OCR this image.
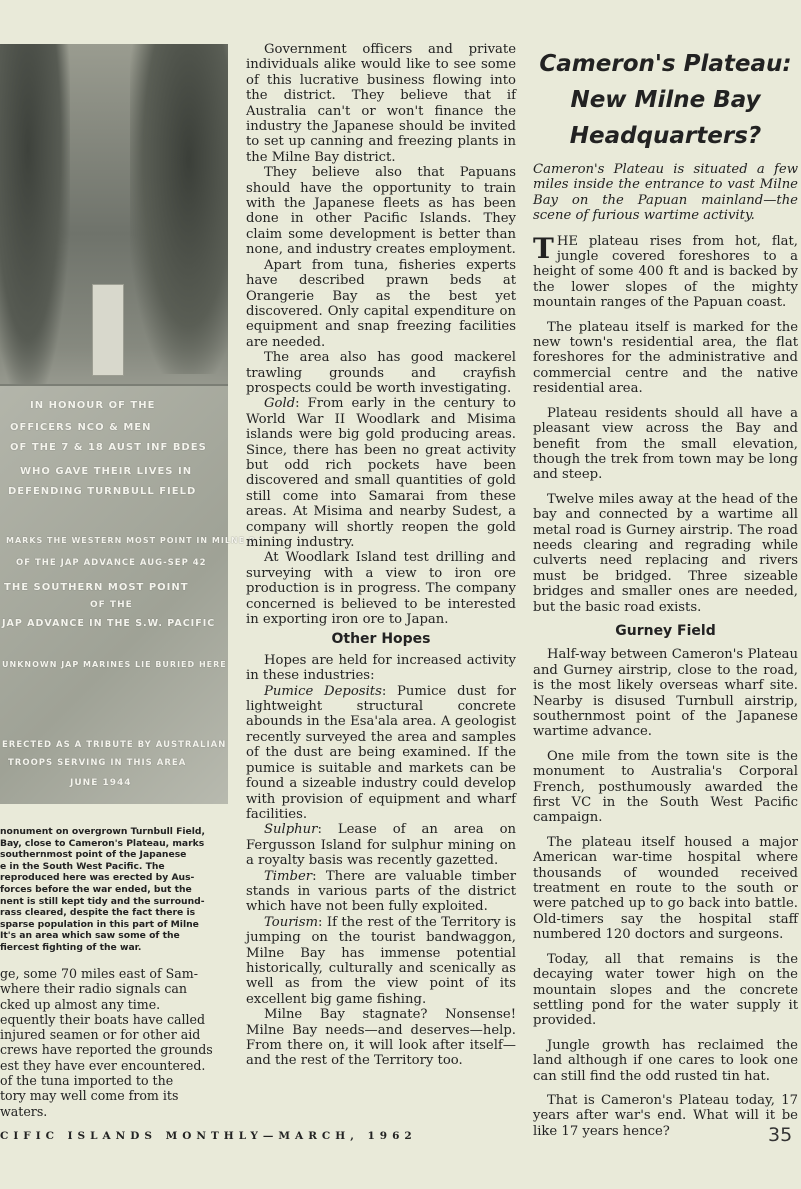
IN HONOUR OF THE
OFFICERS NCO & MEN
OF THE 7 & 18 AUST INF BDES
WHO GAVE THEIR LIVES IN
DEFENDING TURNBULL FIELD
MARKS THE WESTERN MOST POINT IN MILNE B
OF THE JAP ADVANCE AUG-SEP 42
THE SOUTHERN MOST POINT
OF THE
JAP ADVANCE IN THE S.W. PACIFIC
UNKNOWN JAP MARINES LIE BURIED HERE
ERECTED AS A TRIBUTE BY AUSTRALIAN
TROOPS SERVING IN THIS AREA
JUNE 1944
nonument on overgrown Turnbull Field,
Bay, close to Cameron's Plateau, marks
southernmost point of the Japanese
e in the South West Pacific. The
reproduced here was erected by Aus-
forces before the war ended, but the
nent is still kept tidy and the surround-
rass cleared, despite the fact there is
sparse population in this part of Milne
It's an area which saw some of the
fiercest fighting of the war.
ge, some 70 miles east of Sam-
where their radio signals can
cked up almost any time.
equently their boats have called
injured seamen or for other aid
crews have reported the grounds
est they have ever encountered.
of the tuna imported to the
tory may well come from its
waters.

Government officers and private individuals alike would like to see some of this lucrative business flowing into the district. They believe that if Australia can't or won't finance the industry the Japanese should be invited to set up canning and freezing plants in the Milne Bay district.

They believe also that Papuans should have the opportunity to train with the Japanese fleets as has been done in other Pacific Islands. They claim some development is better than none, and industry creates employment.

Apart from tuna, fisheries experts have described prawn beds at Orangerie Bay as the best yet discovered. Only capital expenditure on equipment and snap freezing facilities are needed.

The area also has good mackerel trawling grounds and crayfish prospects could be worth investigating.

Gold: From early in the century to World War II Woodlark and Misima islands were big gold producing areas. Since, there has been no great activity but odd rich pockets have been discovered and small quantities of gold still come into Samarai from these areas. At Misima and nearby Sudest, a company will shortly reopen the gold mining industry.

At Woodlark Island test drilling and surveying with a view to iron ore production is in progress. The company concerned is believed to be interested in exporting iron ore to Japan.

Other Hopes

Hopes are held for increased activity in these industries:

Pumice Deposits: Pumice dust for lightweight structural concrete abounds in the Esa'ala area. A geologist recently surveyed the area and samples of the dust are being examined. If the pumice is suitable and markets can be found a sizeable industry could develop with provision of equipment and wharf facilities.

Sulphur: Lease of an area on Fergusson Island for sulphur mining on a royalty basis was recently gazetted.

Timber: There are valuable timber stands in various parts of the district which have not been fully exploited.

Tourism: If the rest of the Territory is jumping on the tourist bandwaggon, Milne Bay has immense potential historically, culturally and scenically as well as from the view point of its excellent big game fishing.

Milne Bay stagnate? Nonsense! Milne Bay needs—and deserves—help. From there on, it will look after itself—and the rest of the Territory too.

Cameron's Plateau:
New Milne Bay
Headquarters?
Cameron's Plateau is situated a few miles inside the entrance to vast Milne Bay on the Papuan mainland—the scene of furious wartime activity.

THE plateau rises from hot, flat, jungle covered foreshores to a height of some 400 ft and is backed by the lower slopes of the mighty mountain ranges of the Papuan coast.

The plateau itself is marked for the new town's residential area, the flat foreshores for the administrative and commercial centre and the native residential area.

Plateau residents should all have a pleasant view across the Bay and benefit from the small elevation, though the trek from town may be long and steep.

Twelve miles away at the head of the bay and connected by a wartime all metal road is Gurney airstrip. The road needs clearing and regrading while culverts need replacing and rivers must be bridged. Three sizeable bridges and smaller ones are needed, but the basic road exists.

Gurney Field

Half-way between Cameron's Plateau and Gurney airstrip, close to the road, is the most likely overseas wharf site. Nearby is disused Turnbull airstrip, southernmost point of the Japanese wartime advance.

One mile from the town site is the monument to Australia's Corporal French, posthumously awarded the first VC in the South West Pacific campaign.

The plateau itself housed a major American war-time hospital where thousands of wounded received treatment en route to the south or were patched up to go back into battle. Old-timers say the hospital staff numbered 120 doctors and surgeons.

Today, all that remains is the decaying water tower high on the mountain slopes and the concrete settling pond for the water supply it provided.

Jungle growth has reclaimed the land although if one cares to look one can still find the odd rusted tin hat.

That is Cameron's Plateau today, 17 years after war's end. What will it be like 17 years hence?

CIFIC ISLANDS MONTHLY—MARCH, 1962	35
